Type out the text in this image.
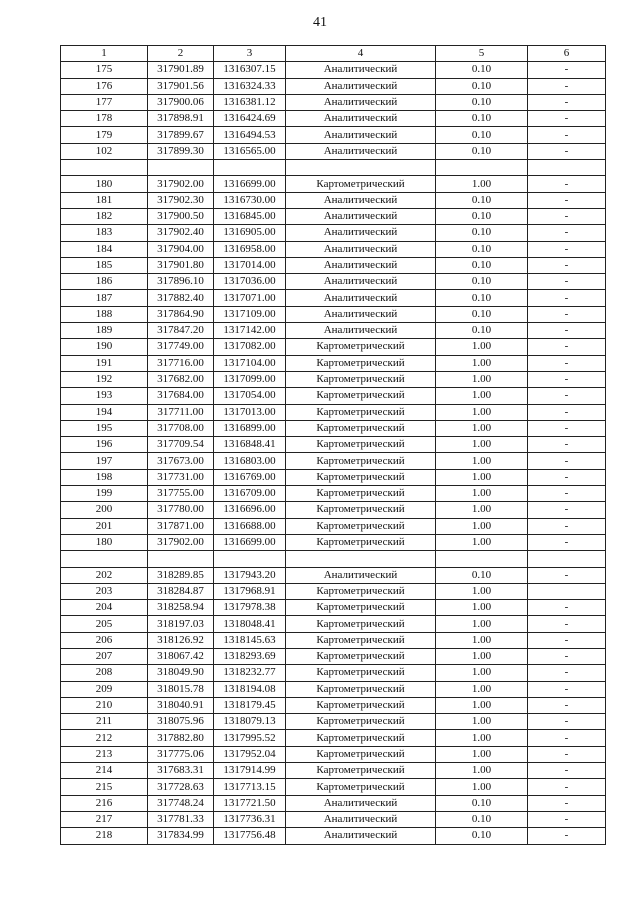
41
1	2	3	4	5	6
175	317901.89	1316307.15	Аналитический	0.10	-
176	317901.56	1316324.33	Аналитический	0.10	-
177	317900.06	1316381.12	Аналитический	0.10	-
178	317898.91	1316424.69	Аналитический	0.10	-
179	317899.67	1316494.53	Аналитический	0.10	-
102	317899.30	1316565.00	Аналитический	0.10	-

180	317902.00	1316699.00	Картометрический	1.00	-
181	317902.30	1316730.00	Аналитический	0.10	-
182	317900.50	1316845.00	Аналитический	0.10	-
183	317902.40	1316905.00	Аналитический	0.10	-
184	317904.00	1316958.00	Аналитический	0.10	-
185	317901.80	1317014.00	Аналитический	0.10	-
186	317896.10	1317036.00	Аналитический	0.10	-
187	317882.40	1317071.00	Аналитический	0.10	-
188	317864.90	1317109.00	Аналитический	0.10	-
189	317847.20	1317142.00	Аналитический	0.10	-
190	317749.00	1317082.00	Картометрический	1.00	-
191	317716.00	1317104.00	Картометрический	1.00	-
192	317682.00	1317099.00	Картометрический	1.00	-
193	317684.00	1317054.00	Картометрический	1.00	-
194	317711.00	1317013.00	Картометрический	1.00	-
195	317708.00	1316899.00	Картометрический	1.00	-
196	317709.54	1316848.41	Картометрический	1.00	-
197	317673.00	1316803.00	Картометрический	1.00	-
198	317731.00	1316769.00	Картометрический	1.00	-
199	317755.00	1316709.00	Картометрический	1.00	-
200	317780.00	1316696.00	Картометрический	1.00	-
201	317871.00	1316688.00	Картометрический	1.00	-
180	317902.00	1316699.00	Картометрический	1.00	-

202	318289.85	1317943.20	Аналитический	0.10	-
203	318284.87	1317968.91	Картометрический	1.00	
204	318258.94	1317978.38	Картометрический	1.00	-
205	318197.03	1318048.41	Картометрический	1.00	-
206	318126.92	1318145.63	Картометрический	1.00	-
207	318067.42	1318293.69	Картометрический	1.00	-
208	318049.90	1318232.77	Картометрический	1.00	-
209	318015.78	1318194.08	Картометрический	1.00	-
210	318040.91	1318179.45	Картометрический	1.00	-
211	318075.96	1318079.13	Картометрический	1.00	-
212	317882.80	1317995.52	Картометрический	1.00	-
213	317775.06	1317952.04	Картометрический	1.00	-
214	317683.31	1317914.99	Картометрический	1.00	-
215	317728.63	1317713.15	Картометрический	1.00	-
216	317748.24	1317721.50	Аналитический	0.10	-
217	317781.33	1317736.31	Аналитический	0.10	-
218	317834.99	1317756.48	Аналитический	0.10	-
